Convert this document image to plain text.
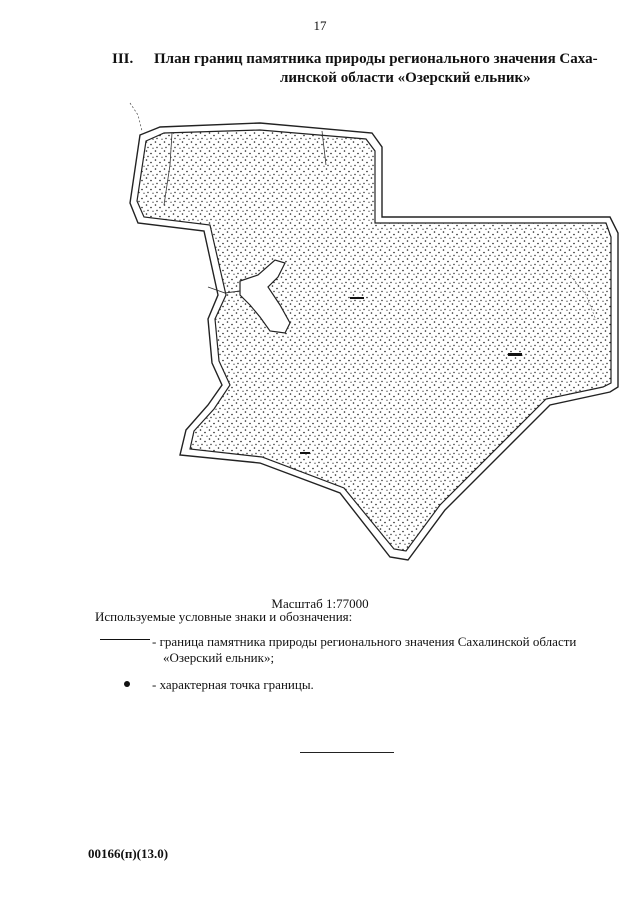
17
III. План границ памятника природы регионального значения Саха-
линской области «Озерский ельник»
Масштаб 1:77000
Используемые условные знаки и обозначения:
- граница памятника природы регионального значения Сахалинской области
«Озерский ельник»;
- характерная точка границы.
00166(п)(13.0)
